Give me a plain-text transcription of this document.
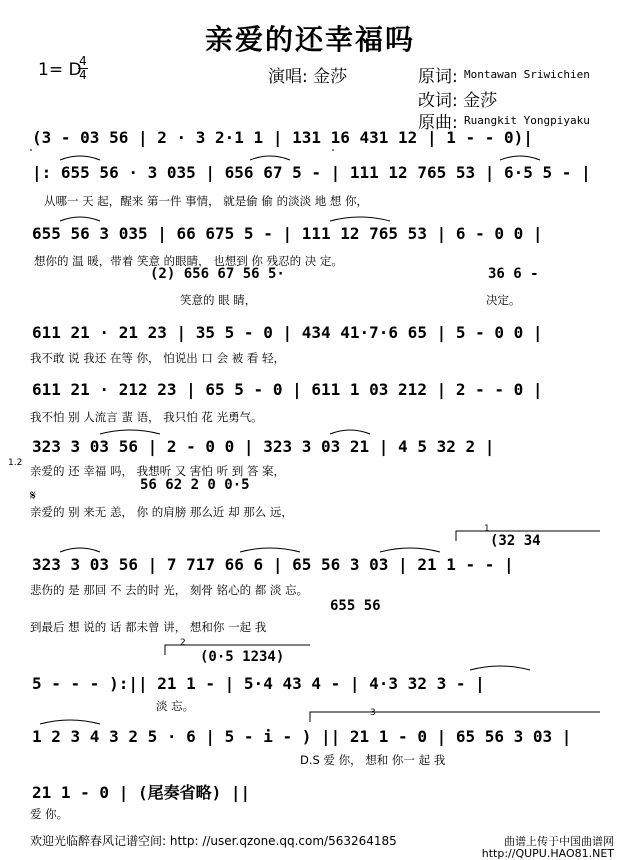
亲爱的还幸福吗
1= D
4
4	演唱: 金莎	原词: Montawan Sriwichien
改词: 金莎
原曲: Ruangkit Yongpiyaku
(3 - 03 56 | 2 · 3 2·1 1 | 131 16 431 12 | 1 - - 0)|
|: 655 56 · 3 035 | 656 67 5 - | 111 12 765 53 | 6·5 5 - |
从哪一 天 起，醒来 第一件 事情， 就是偷 偷 的淡淡 地 想 你，
655 56 3 035 | 66 675 5 - | 111 12 765 53 | 6 - 0 0 |
想你的 温 暖，带着 笑意 的眼睛， 也想到 你 残忍的 决 定。
(2) 656 67 56 5·
笑意的 眼 睛，
36 6 -
决定。
611 21 · 21 23 | 35 5 - 0 | 434 41·7·6 65 | 5 - 0 0 |
我不敢 说 我还 在等 你， 怕说出 口 会 被 看 轻，
611 21 · 212 23 | 65 5 - 0 | 611 1 03 212 | 2 - - 0 |
我不怕 别 人流言 蜚 语， 我只怕 花 光勇气。
1.2
323 3 03 56 | 2 - 0 0 | 323 3 03 21 | 4 5 32 2 |
亲爱的 还 幸福 吗， 我想听 又 害怕 听 到 答 案，
56 62 2 0 0·5
𝄋
亲爱的 别 来无 恙， 你 的肩膀 那么近 却 那么 远，
(32 34
323 3 03 56 | 7 717 66 6 | 65 56 3 03 | 21 1 - - |
悲伤的 是 那回 不 去的时 光， 刻骨 铭心的 都 淡 忘。
1
655 56
到最后 想 说的 话 都未曾 讲， 想和你 一起 我
(0·5 1234)
2
5 - - - ):|| 21 1 - | 5·4 43 4 - | 4·3 32 3 - |
淡 忘。
1 2 3 4 3 2 5 · 6 | 5 - i - ) || 21 1 - 0 | 65 56 3 03 |
D.S 爱 你， 想和 你一 起 我
3
21 1 - 0 | (尾奏省略) ||
爱 你。
欢迎光临醉春风记谱空间: http: //user.qzone.qq.com/563264185	曲谱上传于中国曲谱网
http://QUPU.HAO81.NET
